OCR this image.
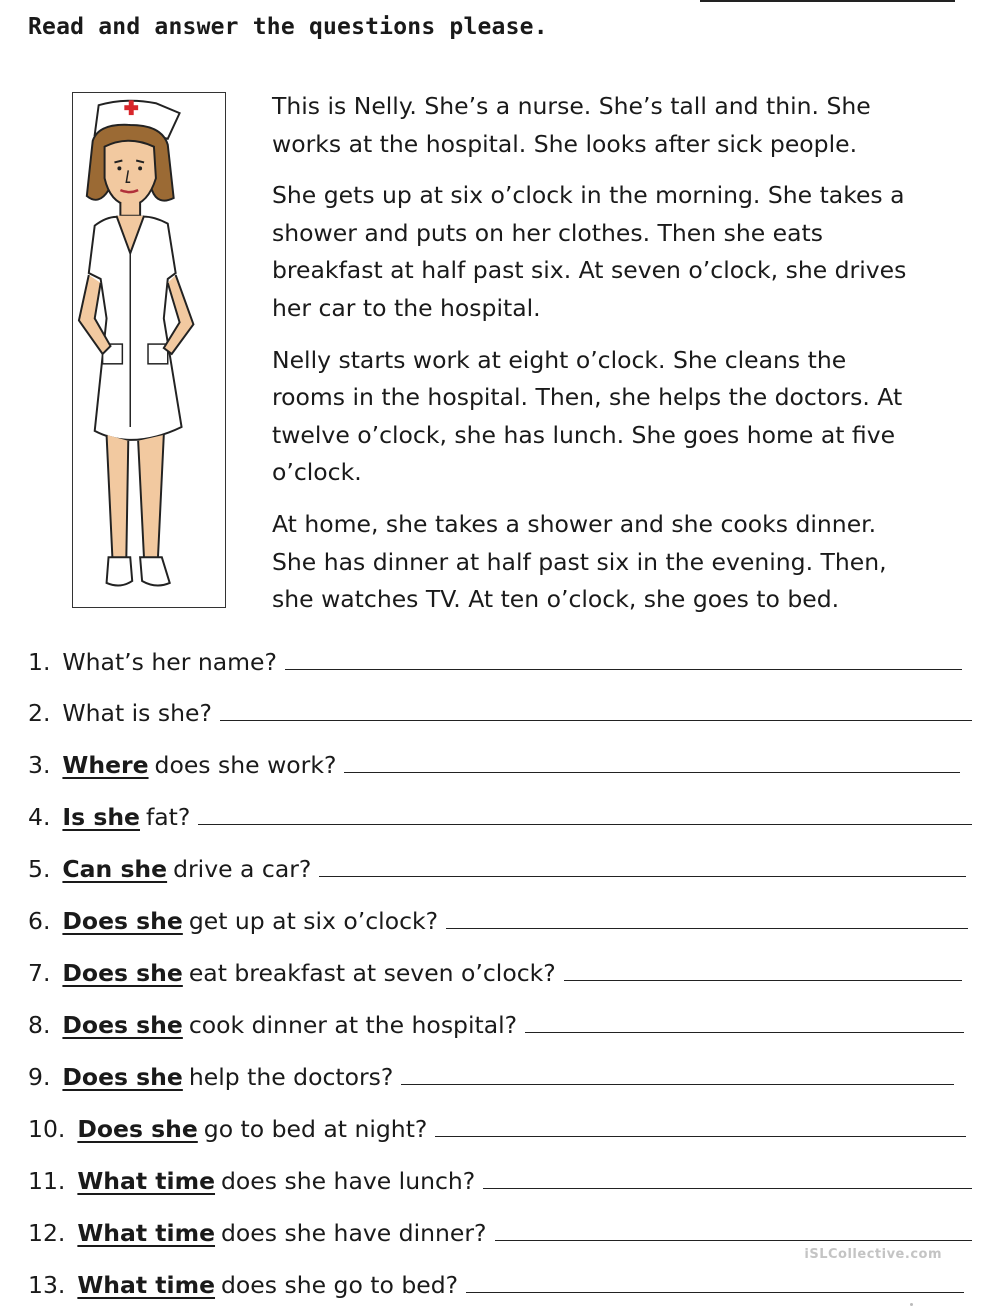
Read and answer the questions please.

This is Nelly. She’s a nurse. She’s tall and thin. She
works at the hospital. She looks after sick people.

She gets up at six o’clock in the morning. She takes a
shower and puts on her clothes. Then she eats
breakfast at half past six. At seven o’clock, she drives
her car to the hospital.

Nelly starts work at eight o’clock. She cleans the
rooms in the hospital. Then, she helps the doctors. At
twelve o’clock, she has lunch. She goes home at five
o’clock.

At home, she takes a shower and she cooks dinner.
She has dinner at half past six in the evening. Then,
she watches TV. At ten o’clock, she goes to bed.

1. What’s her name?
2. What is she?
3. Where does she work?
4. Is she fat?
5. Can she drive a car?
6. Does she get up at six o’clock?
7. Does she eat breakfast at seven o’clock?
8. Does she cook dinner at the hospital?
9. Does she help the doctors?
10. Does she go to bed at night?
11. What time does she have lunch?
12. What time does she have dinner?
13. What time does she go to bed?
iSLCollective.com
